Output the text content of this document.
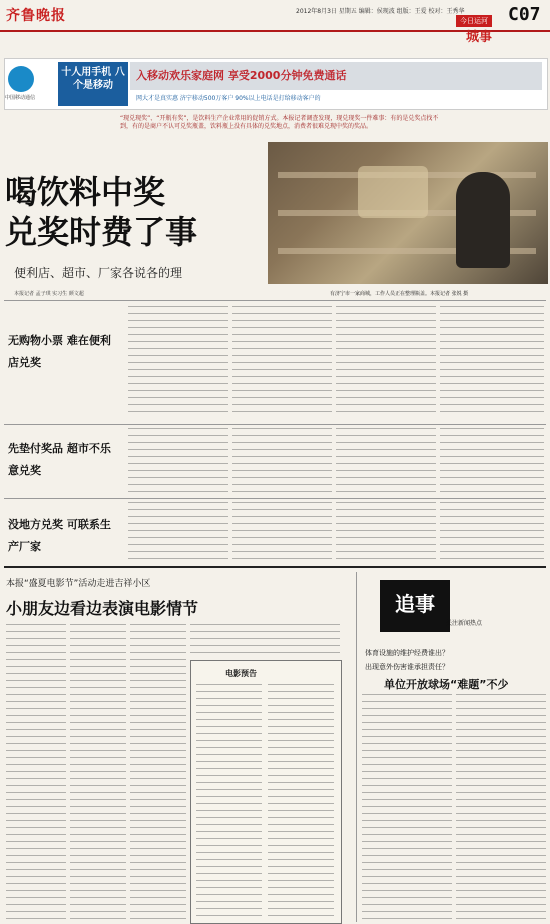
齐鲁晚报	2012年8月3日 星期五 编辑：侯现波 组版：王爱 校对：王秀华
今日运河
城事
C07
中国移动通信
十人用手机 八个是移动
入移动欢乐家庭网 享受2000分钟免费通话
网大才是真实惠 济宁移动500万客户 90%以上电话是打给移动客户的
“现兑现奖”、“开瓶有奖”，是饮料生产企业常用的促销方式。本报记者调查发现，现兑现奖一件难事：有的是兑奖点找不到，有的是商户不认可兑奖瓶盖，饮料瓶上没有具体的兑奖地点，消费者很难兑现中奖的奖品。
喝饮料中奖
兑奖时费了事
便利店、超市、厂家各说各的理
本报记者 孟子琪 实习生 颜文超	有济宁市一家商城，工作人员正在整理瓶盖。本报记者 张锐 摄
无购物小票 难在便利店兑奖
先垫付奖品 超市不乐意兑奖
没地方兑奖 可联系生产厂家
本报“盛夏电影节”活动走进吉祥小区
小朋友边看边表演电影情节
电影预告
追事
关注新闻热点
体育设施的维护经费谁出？
出现意外伤害谁承担责任？
单位开放球场“难题”不少
